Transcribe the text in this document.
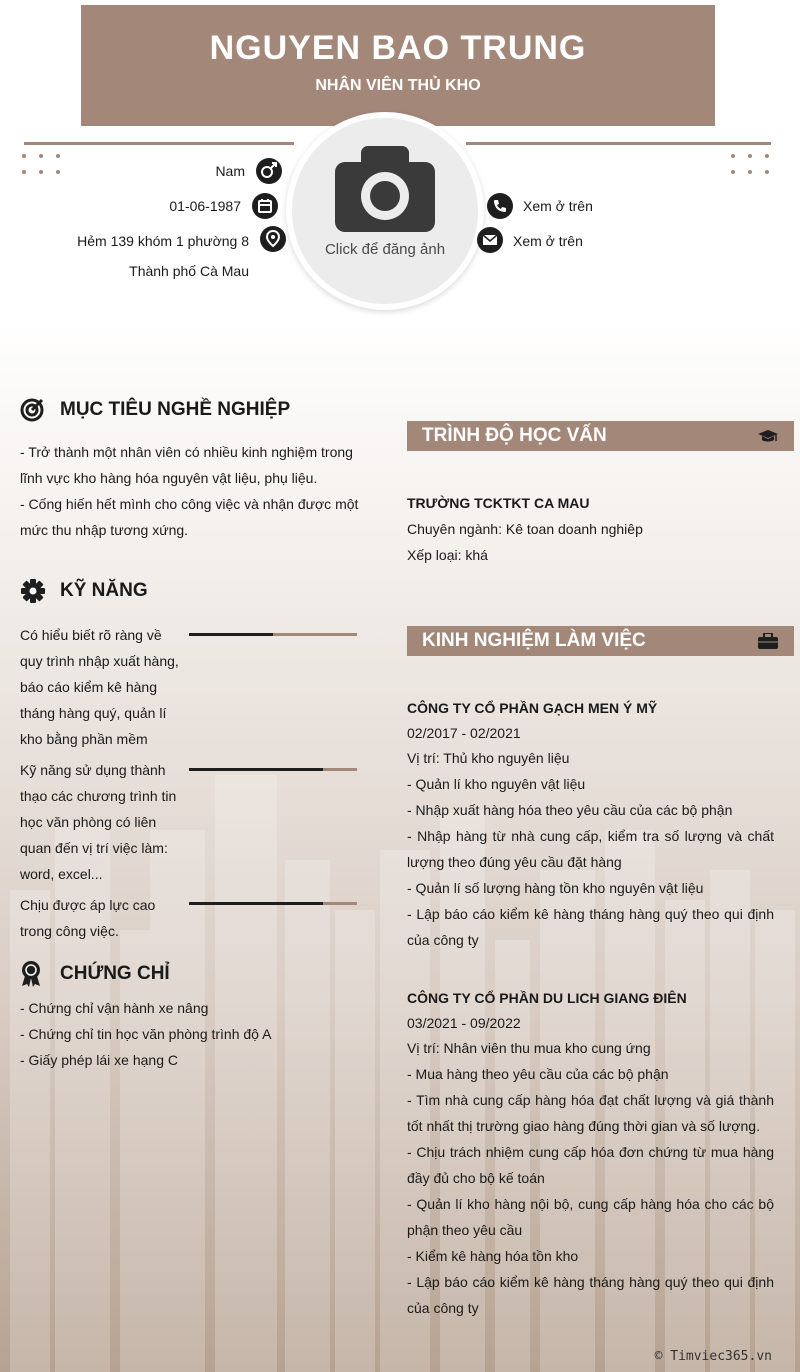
NGUYEN BAO TRUNG
NHÂN VIÊN THỦ KHO
Click để đăng ảnh
Nam
01-06-1987
Hẻm 139 khóm 1 phường 8
Thành phố Cà Mau
Xem ở trên
Xem ở trên
MỤC TIÊU NGHỀ NGHIỆP
- Trở thành một nhân viên có nhiều kinh nghiệm trong
lĩnh vực kho hàng hóa nguyên vật liệu, phụ liệu.
- Cống hiến hết mình cho công việc và nhận được một
mức thu nhập tương xứng.
KỸ NĂNG
Có hiểu biết rõ ràng về
quy trình nhập xuất hàng,
báo cáo kiểm kê hàng
tháng hàng quý, quản lí
kho bằng phần mềm
Kỹ năng sử dụng thành
thạo các chương trình tin
học văn phòng có liên
quan đến vị trí việc làm:
word, excel...
Chịu được áp lực cao
trong công việc.
CHỨNG CHỈ
- Chứng chỉ vận hành xe nâng
- Chứng chỉ tin học văn phòng trình độ A
- Giấy phép lái xe hạng C
TRÌNH ĐỘ HỌC VẤN
TRƯỜNG TCKTKT CA MAU
Chuyên ngành: Kê toan doanh nghiêp
Xếp loại: khá
KINH NGHIỆM LÀM VIỆC
CÔNG TY CỔ PHẦN GẠCH MEN Ý MỸ
02/2017 - 02/2021
Vị trí: Thủ kho nguyên liệu
- Quản lí kho nguyên vật liệu
- Nhập xuất hàng hóa theo yêu cầu của các bộ phận
- Nhập hàng từ nhà cung cấp, kiểm tra số lượng và chất
lượng theo đúng yêu cầu đặt hàng
- Quản lí số lượng hàng tồn kho nguyên vật liệu
- Lập báo cáo kiểm kê hàng tháng hàng quý theo qui định
của công ty
CÔNG TY CỔ PHẦN DU LICH GIANG ĐIÊN
03/2021 - 09/2022
Vị trí: Nhân viên thu mua kho cung ứng
- Mua hàng theo yêu cầu của các bộ phận
- Tìm nhà cung cấp hàng hóa đạt chất lượng và giá thành
tốt nhất thị trường giao hàng đúng thời gian và số lượng.
- Chịu trách nhiệm cung cấp hóa đơn chứng từ mua hàng
đầy đủ cho bộ kế toán
- Quản lí kho hàng nội bộ, cung cấp hàng hóa cho các bộ
phận theo yêu cầu
- Kiểm kê hàng hóa tồn kho
- Lập báo cáo kiểm kê hàng tháng hàng quý theo qui định
của công ty
© Timviec365.vn
